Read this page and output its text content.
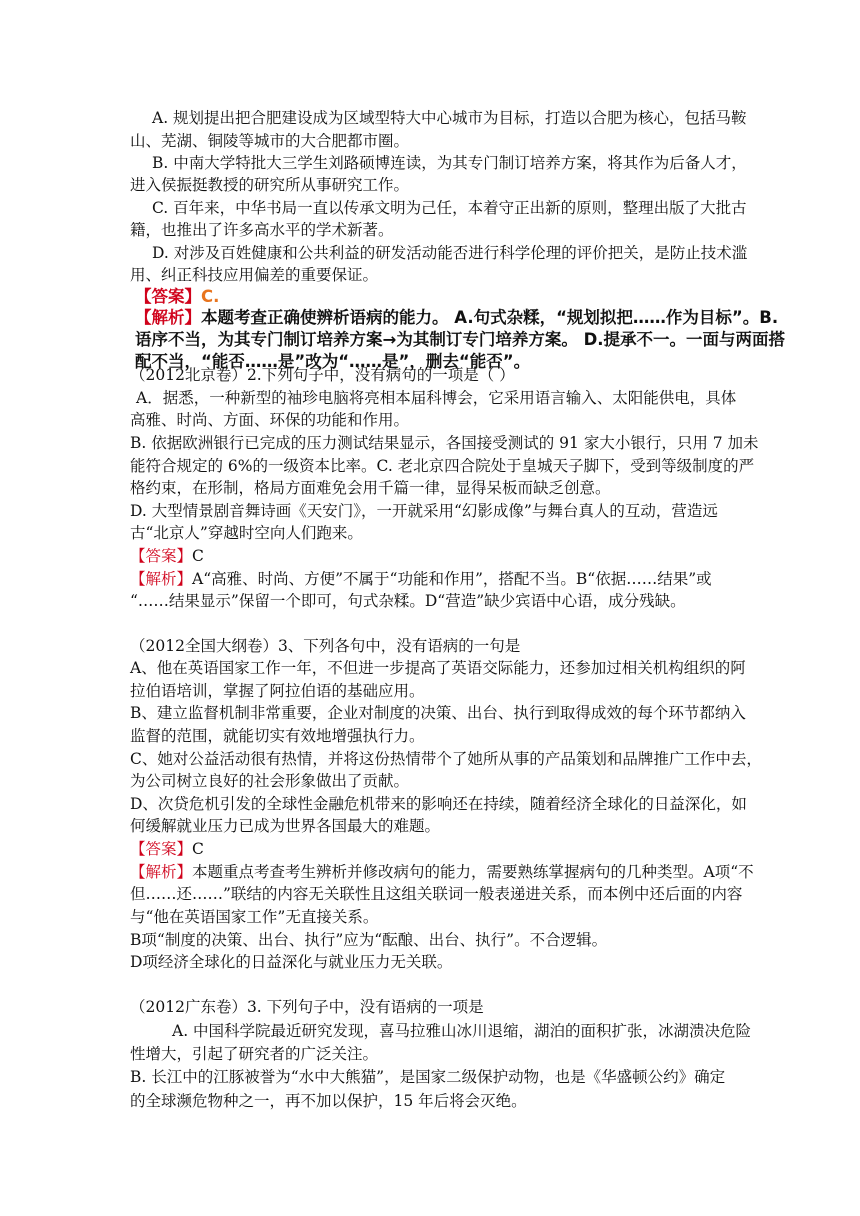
A. 规划提出把合肥建设成为区域型特大中心城市为目标，打造以合肥为核心，包括马鞍
山、芜湖、铜陵等城市的大合肥都市圈。
B. 中南大学特批大三学生刘路硕博连读，为其专门制订培养方案，将其作为后备人才，
进入侯振挺教授的研究所从事研究工作。
C. 百年来，中华书局一直以传承文明为己任，本着守正出新的原则，整理出版了大批古
籍，也推出了许多高水平的学术新著。
D. 对涉及百姓健康和公共利益的研发活动能否进行科学伦理的评价把关，是防止技术滥
用、纠正科技应用偏差的重要保证。
【答案】C.
【解析】本题考查正确使辨析语病的能力。 A.句式杂糅，“规划拟把……作为目标”。B.
语序不当，为其专门制订培养方案→为其制订专门培养方案。 D.提承不一。一面与两面搭
配不当，“能否……是”改为“……是”，删去“能否”。
（2012北京卷）2.下列句子中，没有病句的一项是（ ）
A．据悉，一种新型的袖珍电脑将亮相本届科博会，它采用语言输入、太阳能供电，具体
高雅、时尚、方面、环保的功能和作用。
B. 依据欧洲银行已完成的压力测试结果显示，各国接受测试的 91 家大小银行，只用 7 加未
能符合规定的 6%的一级资本比率。C. 老北京四合院处于皇城天子脚下，受到等级制度的严
格约束，在形制，格局方面难免会用千篇一律，显得呆板而缺乏创意。
D. 大型情景剧音舞诗画《天安门》，一开就采用“幻影成像”与舞台真人的互动，营造远
古“北京人”穿越时空向人们跑来。
【答案】C
【解析】A“高雅、时尚、方便”不属于“功能和作用”，搭配不当。B“依据……结果”或
“……结果显示”保留一个即可，句式杂糅。D“营造”缺少宾语中心语，成分残缺。
（2012全国大纲卷）3、下列各句中，没有语病的一句是
A、他在英语国家工作一年，不但进一步提高了英语交际能力，还参加过相关机构组织的阿
拉伯语培训，掌握了阿拉伯语的基础应用。
B、建立监督机制非常重要，企业对制度的决策、出台、执行到取得成效的每个环节都纳入
监督的范围，就能切实有效地增强执行力。
C、她对公益活动很有热情，并将这份热情带个了她所从事的产品策划和品牌推广工作中去，
为公司树立良好的社会形象做出了贡献。
D、次贷危机引发的全球性金融危机带来的影响还在持续，随着经济全球化的日益深化，如
何缓解就业压力已成为世界各国最大的难题。
【答案】C
【解析】本题重点考查考生辨析并修改病句的能力，需要熟练掌握病句的几种类型。A项“不
但……还……”联结的内容无关联性且这组关联词一般表递进关系，而本例中还后面的内容
与“他在英语国家工作”无直接关系。
B项“制度的决策、出台、执行”应为“酝酿、出台、执行”。不合逻辑。
D项经济全球化的日益深化与就业压力无关联。
（2012广东卷）3. 下列句子中，没有语病的一项是
A. 中国科学院最近研究发现，喜马拉雅山冰川退缩，湖泊的面积扩张，冰湖溃决危险
性增大，引起了研究者的广泛关注。
B. 长江中的江豚被誉为“水中大熊猫”，是国家二级保护动物，也是《华盛顿公约》确定
的全球濒危物种之一，再不加以保护，15 年后将会灭绝。
